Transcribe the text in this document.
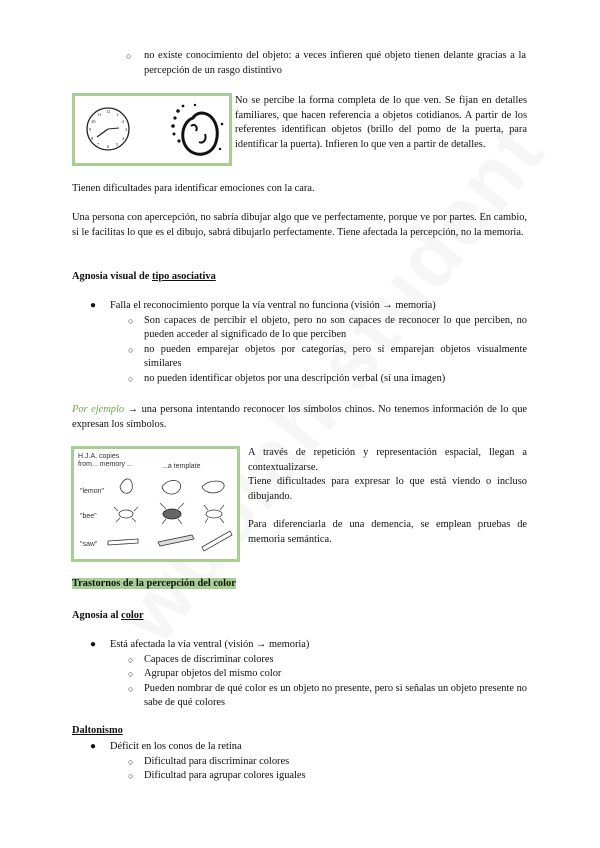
○ no existe conocimiento del objeto: a veces infieren qué objeto tienen delante gracias a la percepción de un rasgo distintivo
12
3
6
9
1
2
4
5
7
8
10
11
No se percibe la forma completa de lo que ven. Se fijan en detalles familiares, que hacen referencia a objetos cotidianos. A partir de los referentes identifican objetos (brillo del pomo de la puerta, para identificar la puerta). Infieren lo que ven a partir de detalles.

Tienen dificultades para identificar emociones con la cara.

Una persona con apercepción, no sabría dibujar algo que ve perfectamente, porque ve por partes. En cambio, si le facilitas lo que es el dibujo, sabrá dibujarlo perfectamente. Tiene afectada la percepción, no la memoria.

Agnosia visual de tipo asociativa
● Falla el reconocimiento porque la vía ventral no funciona (visión → memoria)
○ Son capaces de percibir el objeto, pero no son capaces de reconocer lo que perciben, no pueden acceder al significado de lo que perciben
○ no pueden emparejar objetos por categorías, pero sí emparejan objetos visualmente similares
○ no pueden identificar objetos por una descripción verbal (sí una imagen)

Por ejemplo → una persona intentando reconocer los símbolos chinos. No tenemos información de lo que expresan los símbolos.

H.J.A. copies from... memory ...	...a template
"lemon"
"bee"
"saw"

A través de repetición y representación espacial, llegan a contextualizarse.

Tiene dificultades para expresar lo que está viendo o incluso dibujando.

Para diferenciarla de una demencia, se emplean pruebas de memoria semántica.

Trastornos de la percepción del color
Agnosia al color
● Está afectada la vía ventral (visión → memoria)
○ Capaces de discriminar colores
○ Agrupar objetos del mismo color
○ Pueden nombrar de qué color es un objeto no presente, pero si señalas un objeto presente no sabe de qué colores
Daltonismo
● Déficit en los conos de la retina
○ Dificultad para discriminar colores
○ Dificultad para agrupar colores iguales
